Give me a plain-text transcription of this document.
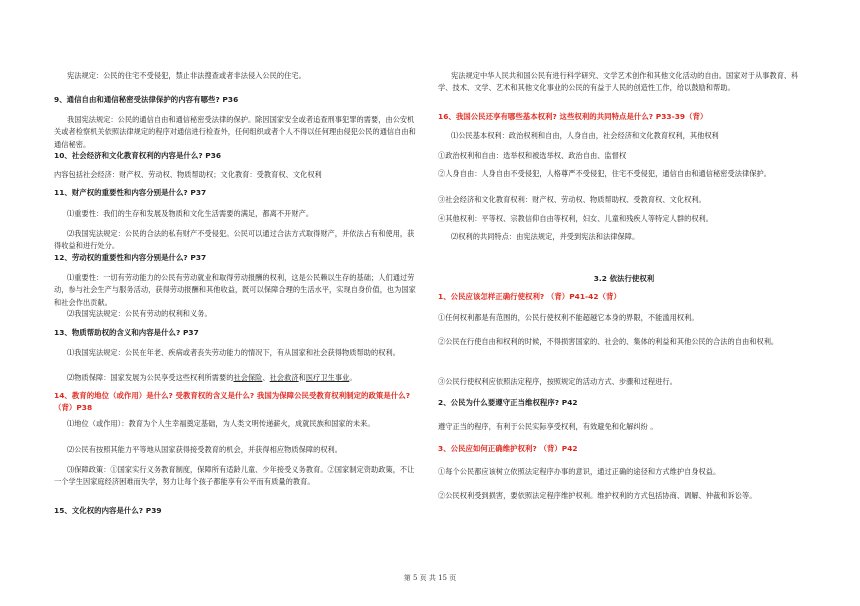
宪法规定：公民的住宅不受侵犯，禁止非法搜查或者非法侵入公民的住宅。
9、通信自由和通信秘密受法律保护的内容有哪些? P36
我国宪法规定：公民的通信自由和通信秘密受法律的保护。除因国家安全或者追查刑事犯罪的需要，由公安机关或者检察机关依照法律规定的程序对通信进行检查外，任何组织或者个人不得以任何理由侵犯公民的通信自由和通信秘密。
10、社会经济和文化教育权利的内容是什么? P36
内容包括社会经济：财产权、劳动权、物质帮助权；文化教育：受教育权、文化权利
11、财产权的重要性和内容分别是什么? P37
⑴重要性：我们的生存和发展及物质和文化生活需要的满足，都离不开财产。
⑵我国宪法规定：公民的合法的私有财产不受侵犯。公民可以通过合法方式取得财产，并依法占有和使用，获得收益和进行处分。
12、劳动权的重要性和内容分别是什么? P37
⑴重要性：一切有劳动能力的公民有劳动就业和取得劳动报酬的权利，这是公民赖以生存的基础；人们通过劳动，参与社会生产与服务活动，获得劳动报酬和其他收益，既可以保障合理的生活水平，实现自身价值，也为国家和社会作出贡献。
⑵我国宪法规定：公民有劳动的权利和义务。
13、物质帮助权的含义和内容是什么? P37
⑴我国宪法规定：公民在年老、疾病或者丧失劳动能力的情况下，有从国家和社会获得物质帮助的权利。
⑵物质保障：国家发展为公民享受这些权利所需要的社会保险、社会救济和医疗卫生事业。
14、教育的地位（或作用）是什么? 受教育权的含义是什么? 我国为保障公民受教育权利制定的政策是什么? （背）P38
⑴地位（或作用）：教育为个人生幸福奠定基础，为人类文明传递薪火，成就民族和国家的未来。
⑵公民有按照其能力平等地从国家获得接受教育的机会，并获得相应物质保障的权利。
⑶保障政策：①国家实行义务教育制度，保障所有适龄儿童、少年接受义务教育。②国家制定资助政策，不让一个学生因家庭经济困难而失学，努力让每个孩子都能享有公平而有质量的教育。
15、文化权的内容是什么? P39
宪法规定中华人民共和国公民有进行科学研究、文学艺术创作和其他文化活动的自由。国家对于从事教育、科学、技术、文学、艺术和其他文化事业的公民的有益于人民的创造性工作，给以鼓励和帮助。
16、我国公民还享有哪些基本权利? 这些权利的共同特点是什么? P33-39（背）
⑴公民基本权利：政治权利和自由，人身自由，社会经济和文化教育权利，其他权利
①政治权利和自由：选举权和被选举权、政治自由、监督权
②人身自由：人身自由不受侵犯，人格尊严不受侵犯，住宅不受侵犯，通信自由和通信秘密受法律保护。
③社会经济和文化教育权利：财产权、劳动权、物质帮助权、受教育权、文化权利。
④其他权利：平等权、宗教信仰自由等权利，妇女、儿童和残疾人等特定人群的权利。
⑵权利的共同特点：由宪法规定，并受到宪法和法律保障。
3.2 依法行使权利
1、公民应该怎样正确行使权利? （背）P41-42（背）
①任何权利都是有范围的，公民行使权利不能超越它本身的界限，不能滥用权利。
②公民在行使自由和权利的时候，不得损害国家的、社会的、集体的利益和其他公民的合法的自由和权利。
③公民行使权利应依照法定程序，按照规定的活动方式、步骤和过程进行。
2、公民为什么要遵守正当维权程序? P42
遵守正当的程序，有利于公民实际享受权利，有效避免和化解纠纷 。
3、公民应如何正确维护权利? （背）P42
①每个公民都应该树立依照法定程序办事的意识，通过正确的途径和方式维护自身权益。
②公民权利受到损害，要依照法定程序维护权利。维护权利的方式包括协商、调解、仲裁和诉讼等。
第 5 页 共 15 页
